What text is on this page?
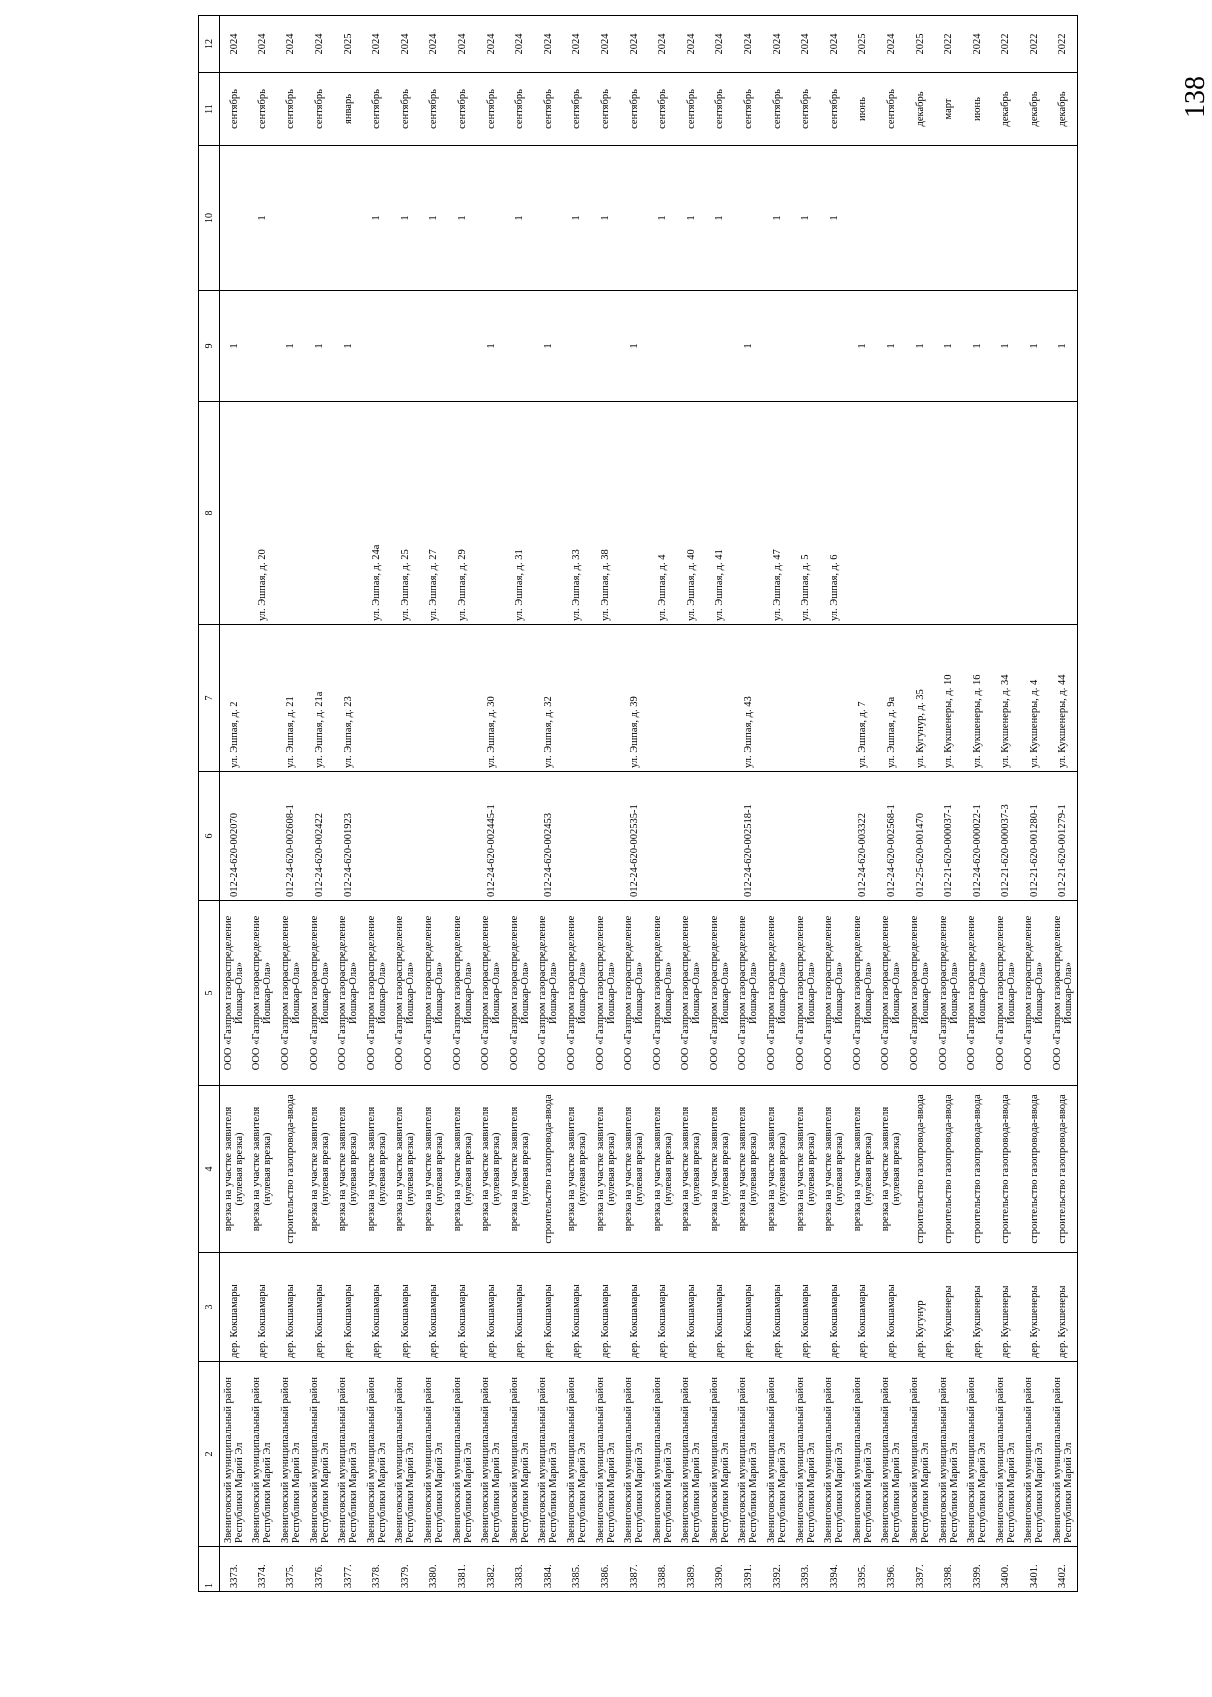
138
1	2	3	4	5	6	7	8	9	10	11	12

3373.	Звениговский муниципальный район Республики Марий Эл	дер. Кокшамары	врезка на участке заявителя (нулевая врезка)	ООО «Газпром газораспределение Йошкар-Ола»	012-24-620-002070	ул. Эшпая, д. 2		1		сентябрь	2024

3374.	Звениговский муниципальный район Республики Марий Эл	дер. Кокшамары	врезка на участке заявителя (нулевая врезка)	ООО «Газпром газораспределение Йошкар-Ола»			ул. Эшпая, д. 20		1	сентябрь	2024

3375.	Звениговский муниципальный район Республики Марий Эл	дер. Кокшамары	строительство газопровода-ввода	ООО «Газпром газораспределение Йошкар-Ола»	012-24-620-002608-1	ул. Эшпая, д. 21		1		сентябрь	2024

3376.	Звениговский муниципальный район Республики Марий Эл	дер. Кокшамары	врезка на участке заявителя (нулевая врезка)	ООО «Газпром газораспределение Йошкар-Ола»	012-24-620-002422	ул. Эшпая, д. 21а		1		сентябрь	2024

3377.	Звениговский муниципальный район Республики Марий Эл	дер. Кокшамары	врезка на участке заявителя (нулевая врезка)	ООО «Газпром газораспределение Йошкар-Ола»	012-24-620-001923	ул. Эшпая, д. 23		1		январь	2025

3378.	Звениговский муниципальный район Республики Марий Эл	дер. Кокшамары	врезка на участке заявителя (нулевая врезка)	ООО «Газпром газораспределение Йошкар-Ола»			ул. Эшпая, д. 24а		1	сентябрь	2024

3379.	Звениговский муниципальный район Республики Марий Эл	дер. Кокшамары	врезка на участке заявителя (нулевая врезка)	ООО «Газпром газораспределение Йошкар-Ола»			ул. Эшпая, д. 25		1	сентябрь	2024

3380.	Звениговский муниципальный район Республики Марий Эл	дер. Кокшамары	врезка на участке заявителя (нулевая врезка)	ООО «Газпром газораспределение Йошкар-Ола»			ул. Эшпая, д. 27		1	сентябрь	2024

3381.	Звениговский муниципальный район Республики Марий Эл	дер. Кокшамары	врезка на участке заявителя (нулевая врезка)	ООО «Газпром газораспределение Йошкар-Ола»			ул. Эшпая, д. 29		1	сентябрь	2024

3382.	Звениговский муниципальный район Республики Марий Эл	дер. Кокшамары	врезка на участке заявителя (нулевая врезка)	ООО «Газпром газораспределение Йошкар-Ола»	012-24-620-002445-1	ул. Эшпая, д. 30		1		сентябрь	2024

3383.	Звениговский муниципальный район Республики Марий Эл	дер. Кокшамары	врезка на участке заявителя (нулевая врезка)	ООО «Газпром газораспределение Йошкар-Ола»			ул. Эшпая, д. 31		1	сентябрь	2024

3384.	Звениговский муниципальный район Республики Марий Эл	дер. Кокшамары	строительство газопровода-ввода	ООО «Газпром газораспределение Йошкар-Ола»	012-24-620-002453	ул. Эшпая, д. 32		1		сентябрь	2024

3385.	Звениговский муниципальный район Республики Марий Эл	дер. Кокшамары	врезка на участке заявителя (нулевая врезка)	ООО «Газпром газораспределение Йошкар-Ола»			ул. Эшпая, д. 33		1	сентябрь	2024

3386.	Звениговский муниципальный район Республики Марий Эл	дер. Кокшамары	врезка на участке заявителя (нулевая врезка)	ООО «Газпром газораспределение Йошкар-Ола»			ул. Эшпая, д. 38		1	сентябрь	2024

3387.	Звениговский муниципальный район Республики Марий Эл	дер. Кокшамары	врезка на участке заявителя (нулевая врезка)	ООО «Газпром газораспределение Йошкар-Ола»	012-24-620-002535-1	ул. Эшпая, д. 39		1		сентябрь	2024

3388.	Звениговский муниципальный район Республики Марий Эл	дер. Кокшамары	врезка на участке заявителя (нулевая врезка)	ООО «Газпром газораспределение Йошкар-Ола»			ул. Эшпая, д. 4		1	сентябрь	2024

3389.	Звениговский муниципальный район Республики Марий Эл	дер. Кокшамары	врезка на участке заявителя (нулевая врезка)	ООО «Газпром газораспределение Йошкар-Ола»			ул. Эшпая, д. 40		1	сентябрь	2024

3390.	Звениговский муниципальный район Республики Марий Эл	дер. Кокшамары	врезка на участке заявителя (нулевая врезка)	ООО «Газпром газораспределение Йошкар-Ола»			ул. Эшпая, д. 41		1	сентябрь	2024

3391.	Звениговский муниципальный район Республики Марий Эл	дер. Кокшамары	врезка на участке заявителя (нулевая врезка)	ООО «Газпром газораспределение Йошкар-Ола»	012-24-620-002518-1	ул. Эшпая, д. 43		1		сентябрь	2024

3392.	Звениговский муниципальный район Республики Марий Эл	дер. Кокшамары	врезка на участке заявителя (нулевая врезка)	ООО «Газпром газораспределение Йошкар-Ола»			ул. Эшпая, д. 47		1	сентябрь	2024

3393.	Звениговский муниципальный район Республики Марий Эл	дер. Кокшамары	врезка на участке заявителя (нулевая врезка)	ООО «Газпром газораспределение Йошкар-Ола»			ул. Эшпая, д. 5		1	сентябрь	2024

3394.	Звениговский муниципальный район Республики Марий Эл	дер. Кокшамары	врезка на участке заявителя (нулевая врезка)	ООО «Газпром газораспределение Йошкар-Ола»			ул. Эшпая, д. 6		1	сентябрь	2024

3395.	Звениговский муниципальный район Республики Марий Эл	дер. Кокшамары	врезка на участке заявителя (нулевая врезка)	ООО «Газпром газораспределение Йошкар-Ола»	012-24-620-003322	ул. Эшпая, д. 7		1		июнь	2025

3396.	Звениговский муниципальный район Республики Марий Эл	дер. Кокшамары	врезка на участке заявителя (нулевая врезка)	ООО «Газпром газораспределение Йошкар-Ола»	012-24-620-002568-1	ул. Эшпая, д. 9а		1		сентябрь	2024

3397.	Звениговский муниципальный район Республики Марий Эл	дер. Кугунур	строительство газопровода-ввода	ООО «Газпром газораспределение Йошкар-Ола»	012-25-620-001470	ул. Кугунур, д. 35		1		декабрь	2025

3398.	Звениговский муниципальный район Республики Марий Эл	дер. Кукшенеры	строительство газопровода-ввода	ООО «Газпром газораспределение Йошкар-Ола»	012-21-620-000037-1	ул. Кукшенеры, д. 10		1		март	2022

3399.	Звениговский муниципальный район Республики Марий Эл	дер. Кукшенеры	строительство газопровода-ввода	ООО «Газпром газораспределение Йошкар-Ола»	012-24-620-000022-1	ул. Кукшенеры, д. 16		1		июнь	2024

3400.	Звениговский муниципальный район Республики Марий Эл	дер. Кукшенеры	строительство газопровода-ввода	ООО «Газпром газораспределение Йошкар-Ола»	012-21-620-000037-3	ул. Кукшенеры, д. 34		1		декабрь	2022

3401.	Звениговский муниципальный район Республики Марий Эл	дер. Кукшенеры	строительство газопровода-ввода	ООО «Газпром газораспределение Йошкар-Ола»	012-21-620-001280-1	ул. Кукшенеры, д. 4		1		декабрь	2022

3402.	Звениговский муниципальный район Республики Марий Эл	дер. Кукшенеры	строительство газопровода-ввода	ООО «Газпром газораспределение Йошкар-Ола»	012-21-620-001279-1	ул. Кукшенеры, д. 44		1		декабрь	2022
